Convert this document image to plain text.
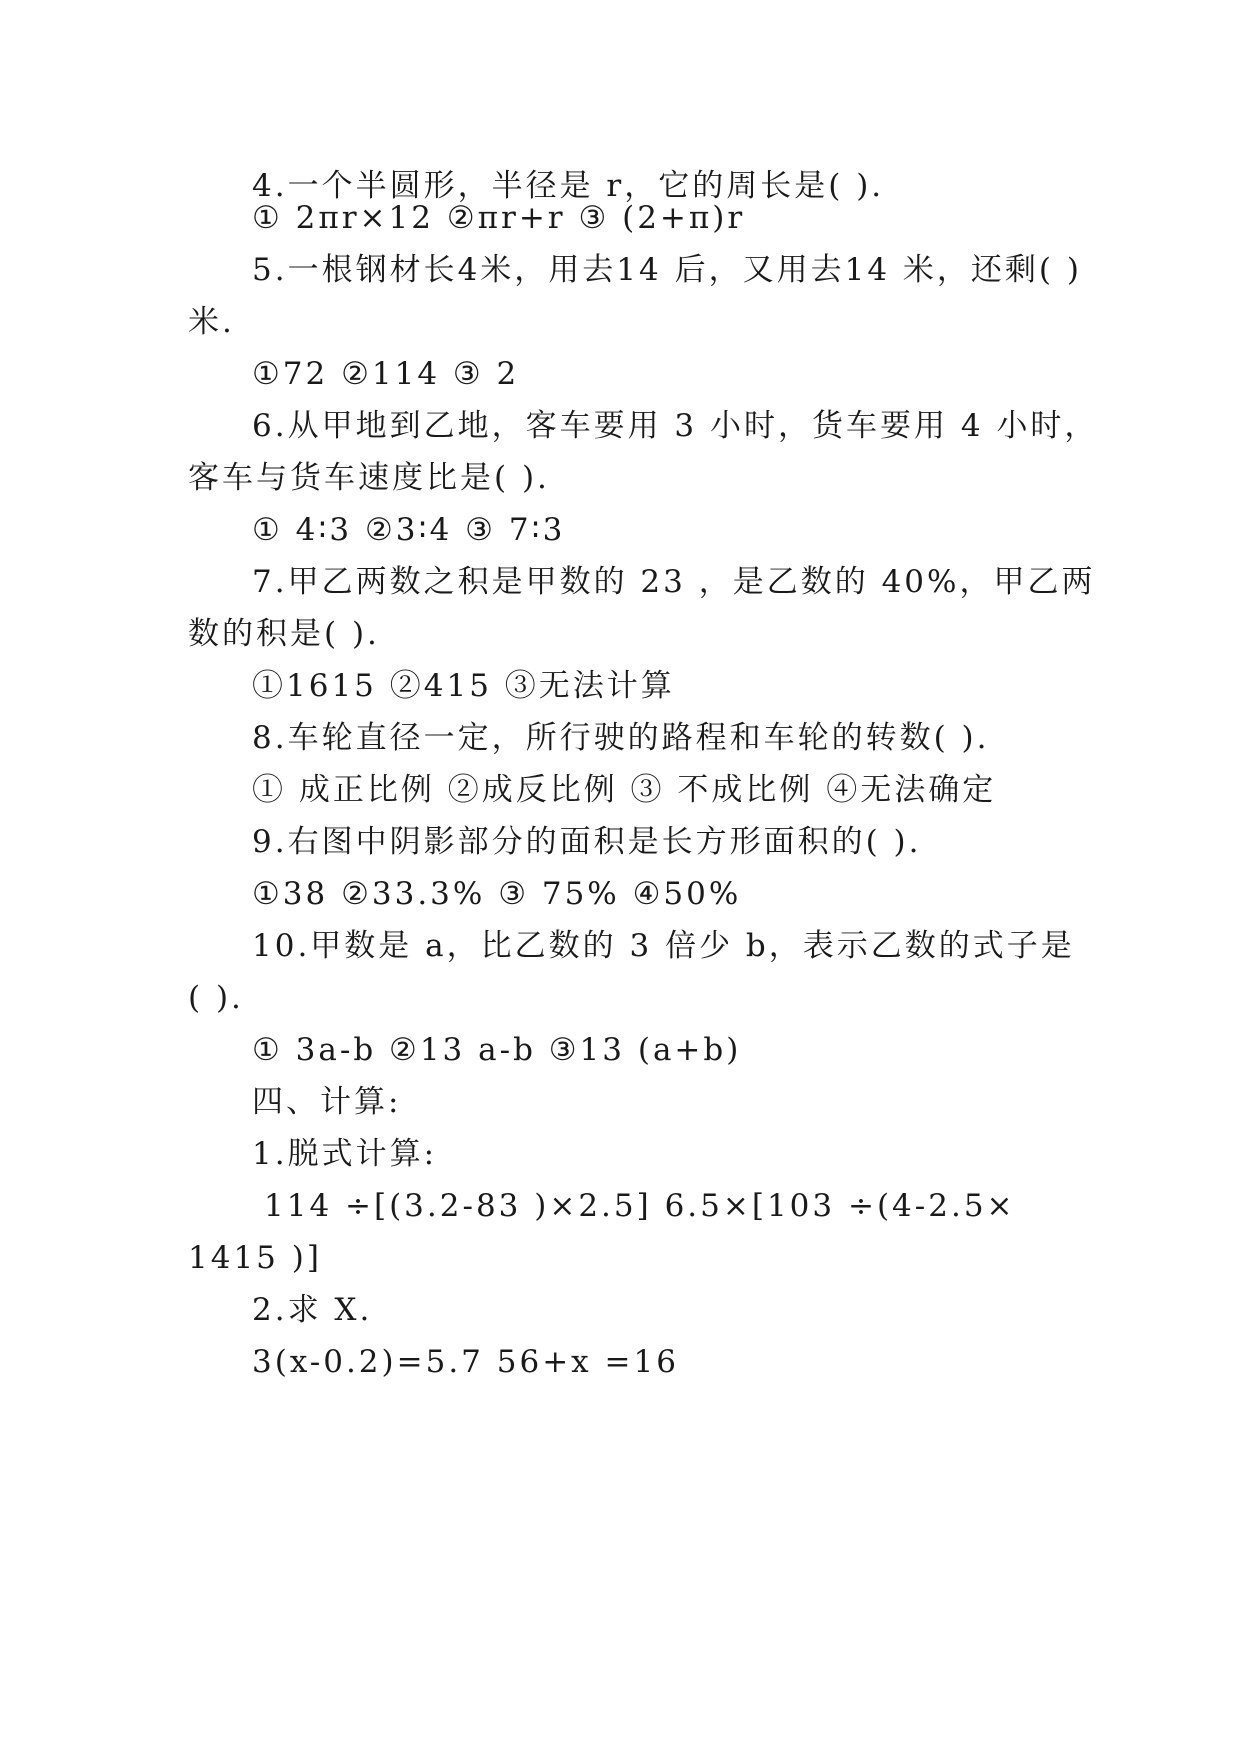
4.一个半圆形，半径是 r，它的周长是( ).
① 2πr×12 ②πr+r ③ (2+π)r
5.一根钢材长4米，用去14 后，又用去14 米，还剩( )
米.
①72 ②114 ③ 2
6.从甲地到乙地，客车要用 3 小时，货车要用 4 小时，
客车与货车速度比是( ).
① 4∶3 ②3∶4 ③ 7∶3
7.甲乙两数之积是甲数的 23 ，是乙数的 40%，甲乙两
数的积是( ).
①1615 ②415 ③无法计算
8.车轮直径一定，所行驶的路程和车轮的转数( ).
① 成正比例 ②成反比例 ③ 不成比例 ④无法确定
9.右图中阴影部分的面积是长方形面积的( ).
①38 ②33.3% ③ 75% ④50%
10.甲数是 a，比乙数的 3 倍少 b，表示乙数的式子是
( ).
① 3a-b ②13 a-b ③13 (a+b)
四、计算:
1.脱式计算:
114 ÷[(3.2-83 )×2.5] 6.5×[103 ÷(4-2.5×
1415 )]
2.求 X.
3(x-0.2)=5.7 56+x =16
